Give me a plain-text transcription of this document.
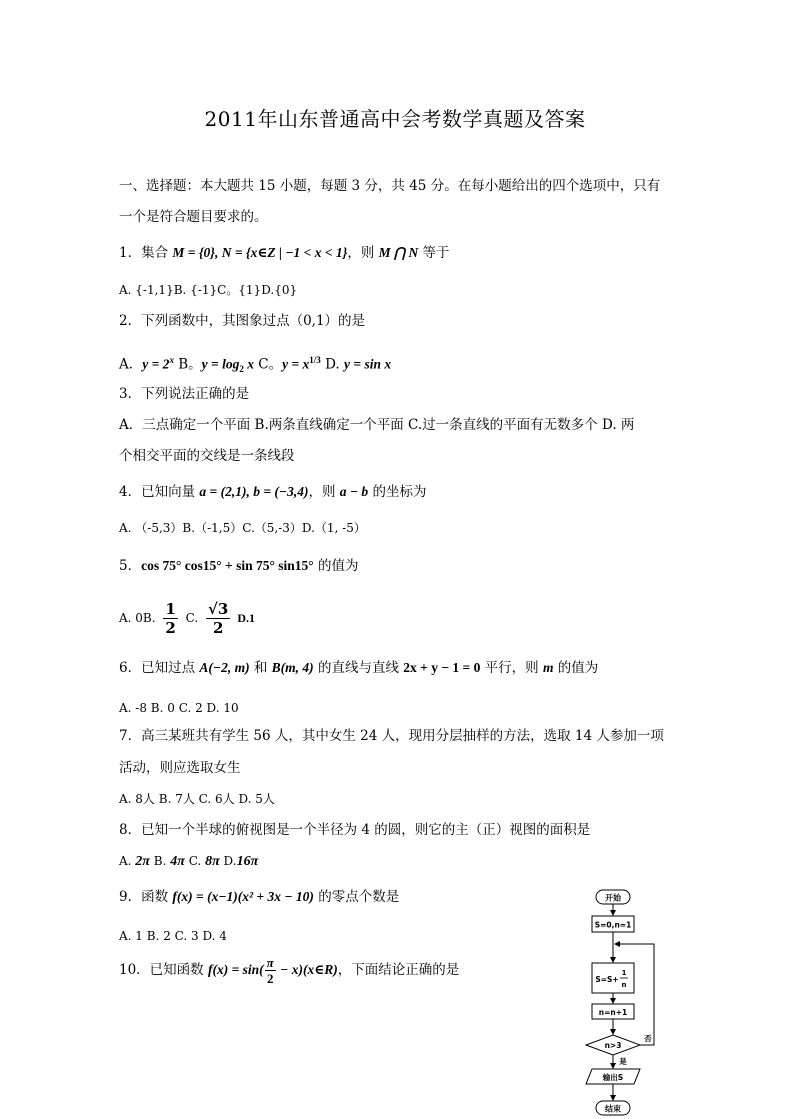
2011年山东普通高中会考数学真题及答案
一、选择题：本大题共 15 小题，每题 3 分，共 45 分。在每小题给出的四个选项中，只有
一个是符合题目要求的。
1．集合 M = {0}, N = {x∈Z | −1 < x < 1}，则 M ⋂ N 等于
A. {-1,1}B. {-1}C。{1}D.{0}
2．下列函数中，其图象过点（0,1）的是
A．$y = 2^x$ B。$y = \log_2 x$ C。$y = x^{1/3}$ D. y = sin x
3．下列说法正确的是
A．三点确定一个平面 B.两条直线确定一个平面 C.过一条直线的平面有无数多个 D. 两
个相交平面的交线是一条线段
4．已知向量 a = (2,1), b = (−3,4)，则 a − b 的坐标为
A. （-5,3）B.（-1,5）C.（5,-3）D.（1, -5）
5．cos 75° cos15° + sin 75° sin15° 的值为
A. 0B. $\frac{1}{2} C$. $\frac{√3}{2} D.1$
6．已知过点 A(−2, m) 和 B(m, 4) 的直线与直线 2x + y − 1 = 0 平行，则 m 的值为
A. -8 B. 0 C. 2 D. 10
7．高三某班共有学生 56 人，其中女生 24 人，现用分层抽样的方法，选取 14 人参加一项
活动，则应选取女生
A. 8人 B. 7人 C. 6人 D. 5人
8．已知一个半球的俯视图是一个半径为 4 的圆，则它的主（正）视图的面积是
A. 2π B. 4π C. 8π D.16π
9．函数 f(x) = (x−1)(x² + 3x − 10) 的零点个数是
A. 1 B. 2 C. 3 D. 4
10．已知函数 $f(x) = \sin( \frac{\pi}{2}$ − x)(x∈R)，下面结论正确的是
开始
S=0,n=1
S=S+
1
n
n=n+1
n>3
否
是
输出S
结束
